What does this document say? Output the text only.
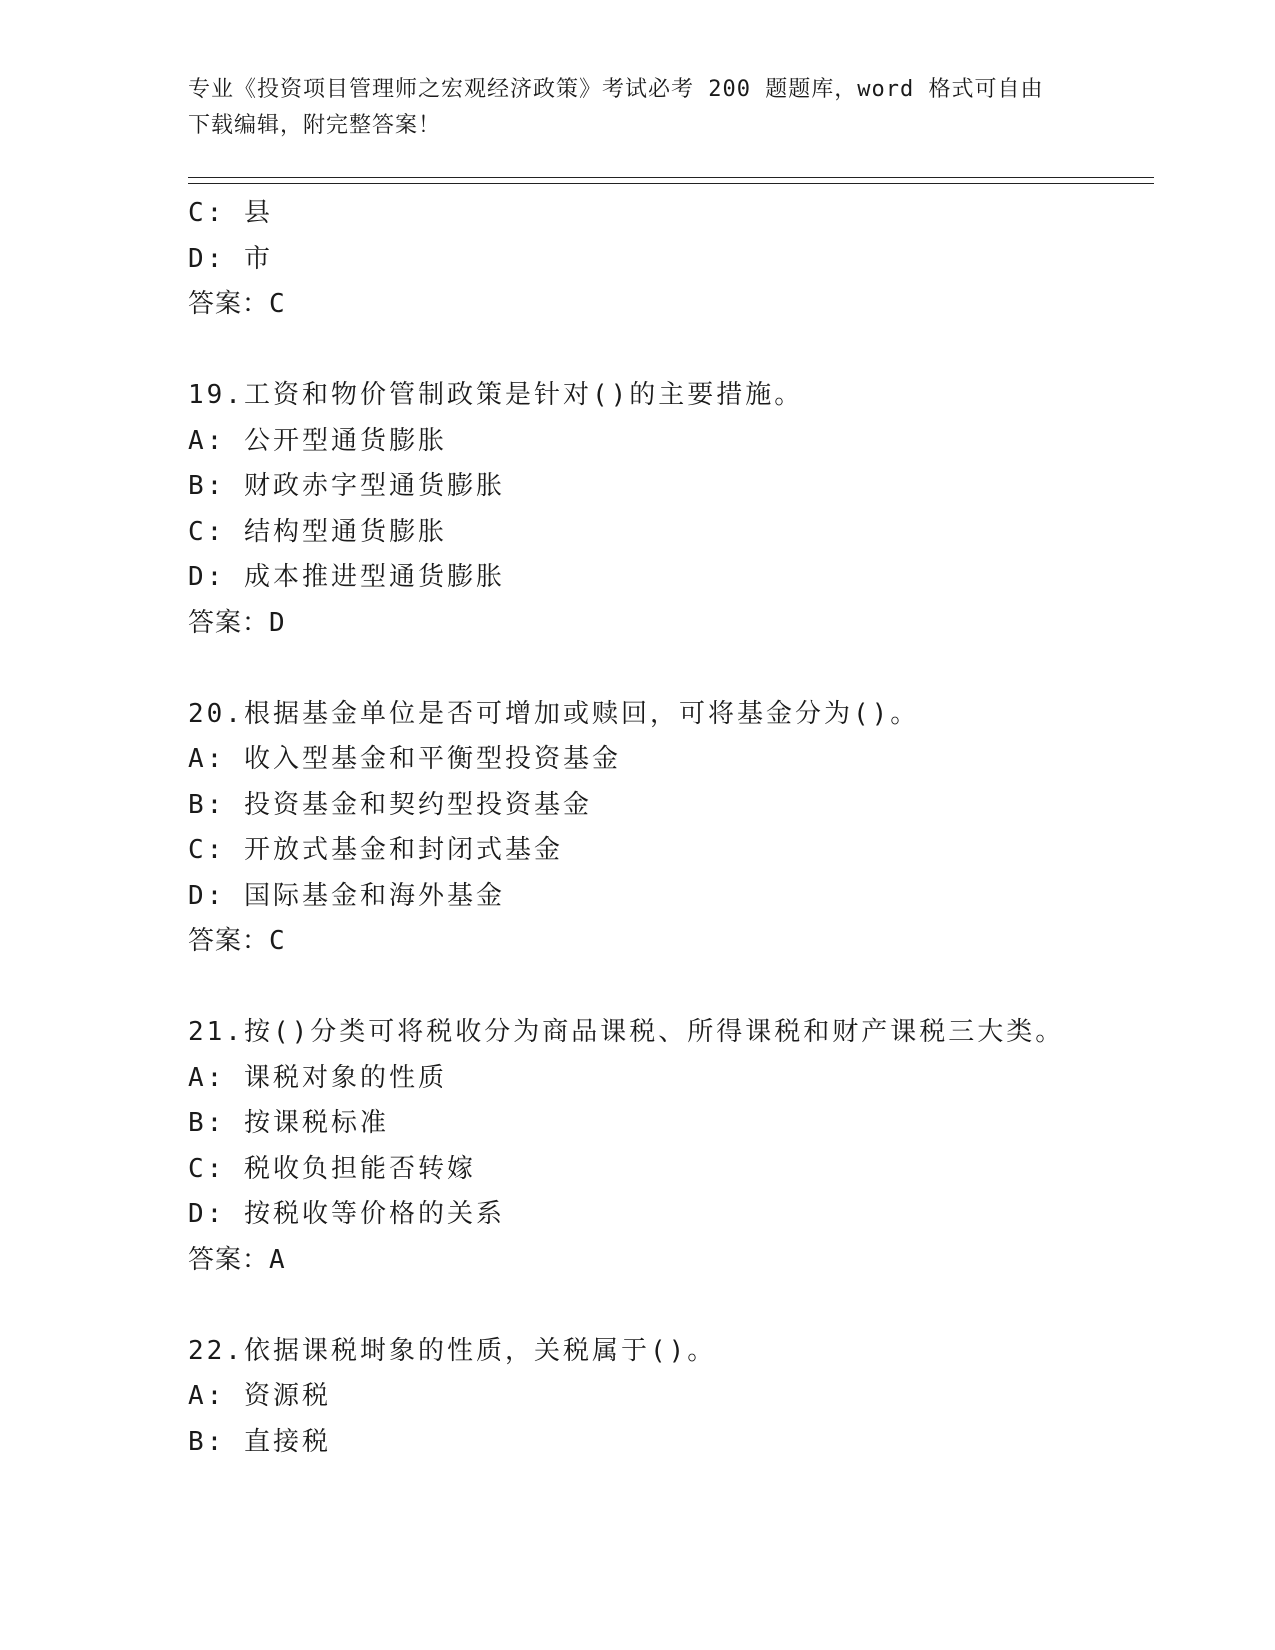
专业《投资项目管理师之宏观经济政策》考试必考 200 题题库，word 格式可自由
下载编辑，附完整答案！
C: 县
D: 市
答案：C
19.工资和物价管制政策是针对()的主要措施。
A: 公开型通货膨胀
B: 财政赤字型通货膨胀
C: 结构型通货膨胀
D: 成本推进型通货膨胀
答案：D
20.根据基金单位是否可增加或赎回，可将基金分为()。
A: 收入型基金和平衡型投资基金
B: 投资基金和契约型投资基金
C: 开放式基金和封闭式基金
D: 国际基金和海外基金
答案：C
21.按()分类可将税收分为商品课税、所得课税和财产课税三大类。
A: 课税对象的性质
B: 按课税标准
C: 税收负担能否转嫁
D: 按税收等价格的关系
答案：A
22.依据课税埘象的性质，关税属于()。
A: 资源税
B: 直接税
